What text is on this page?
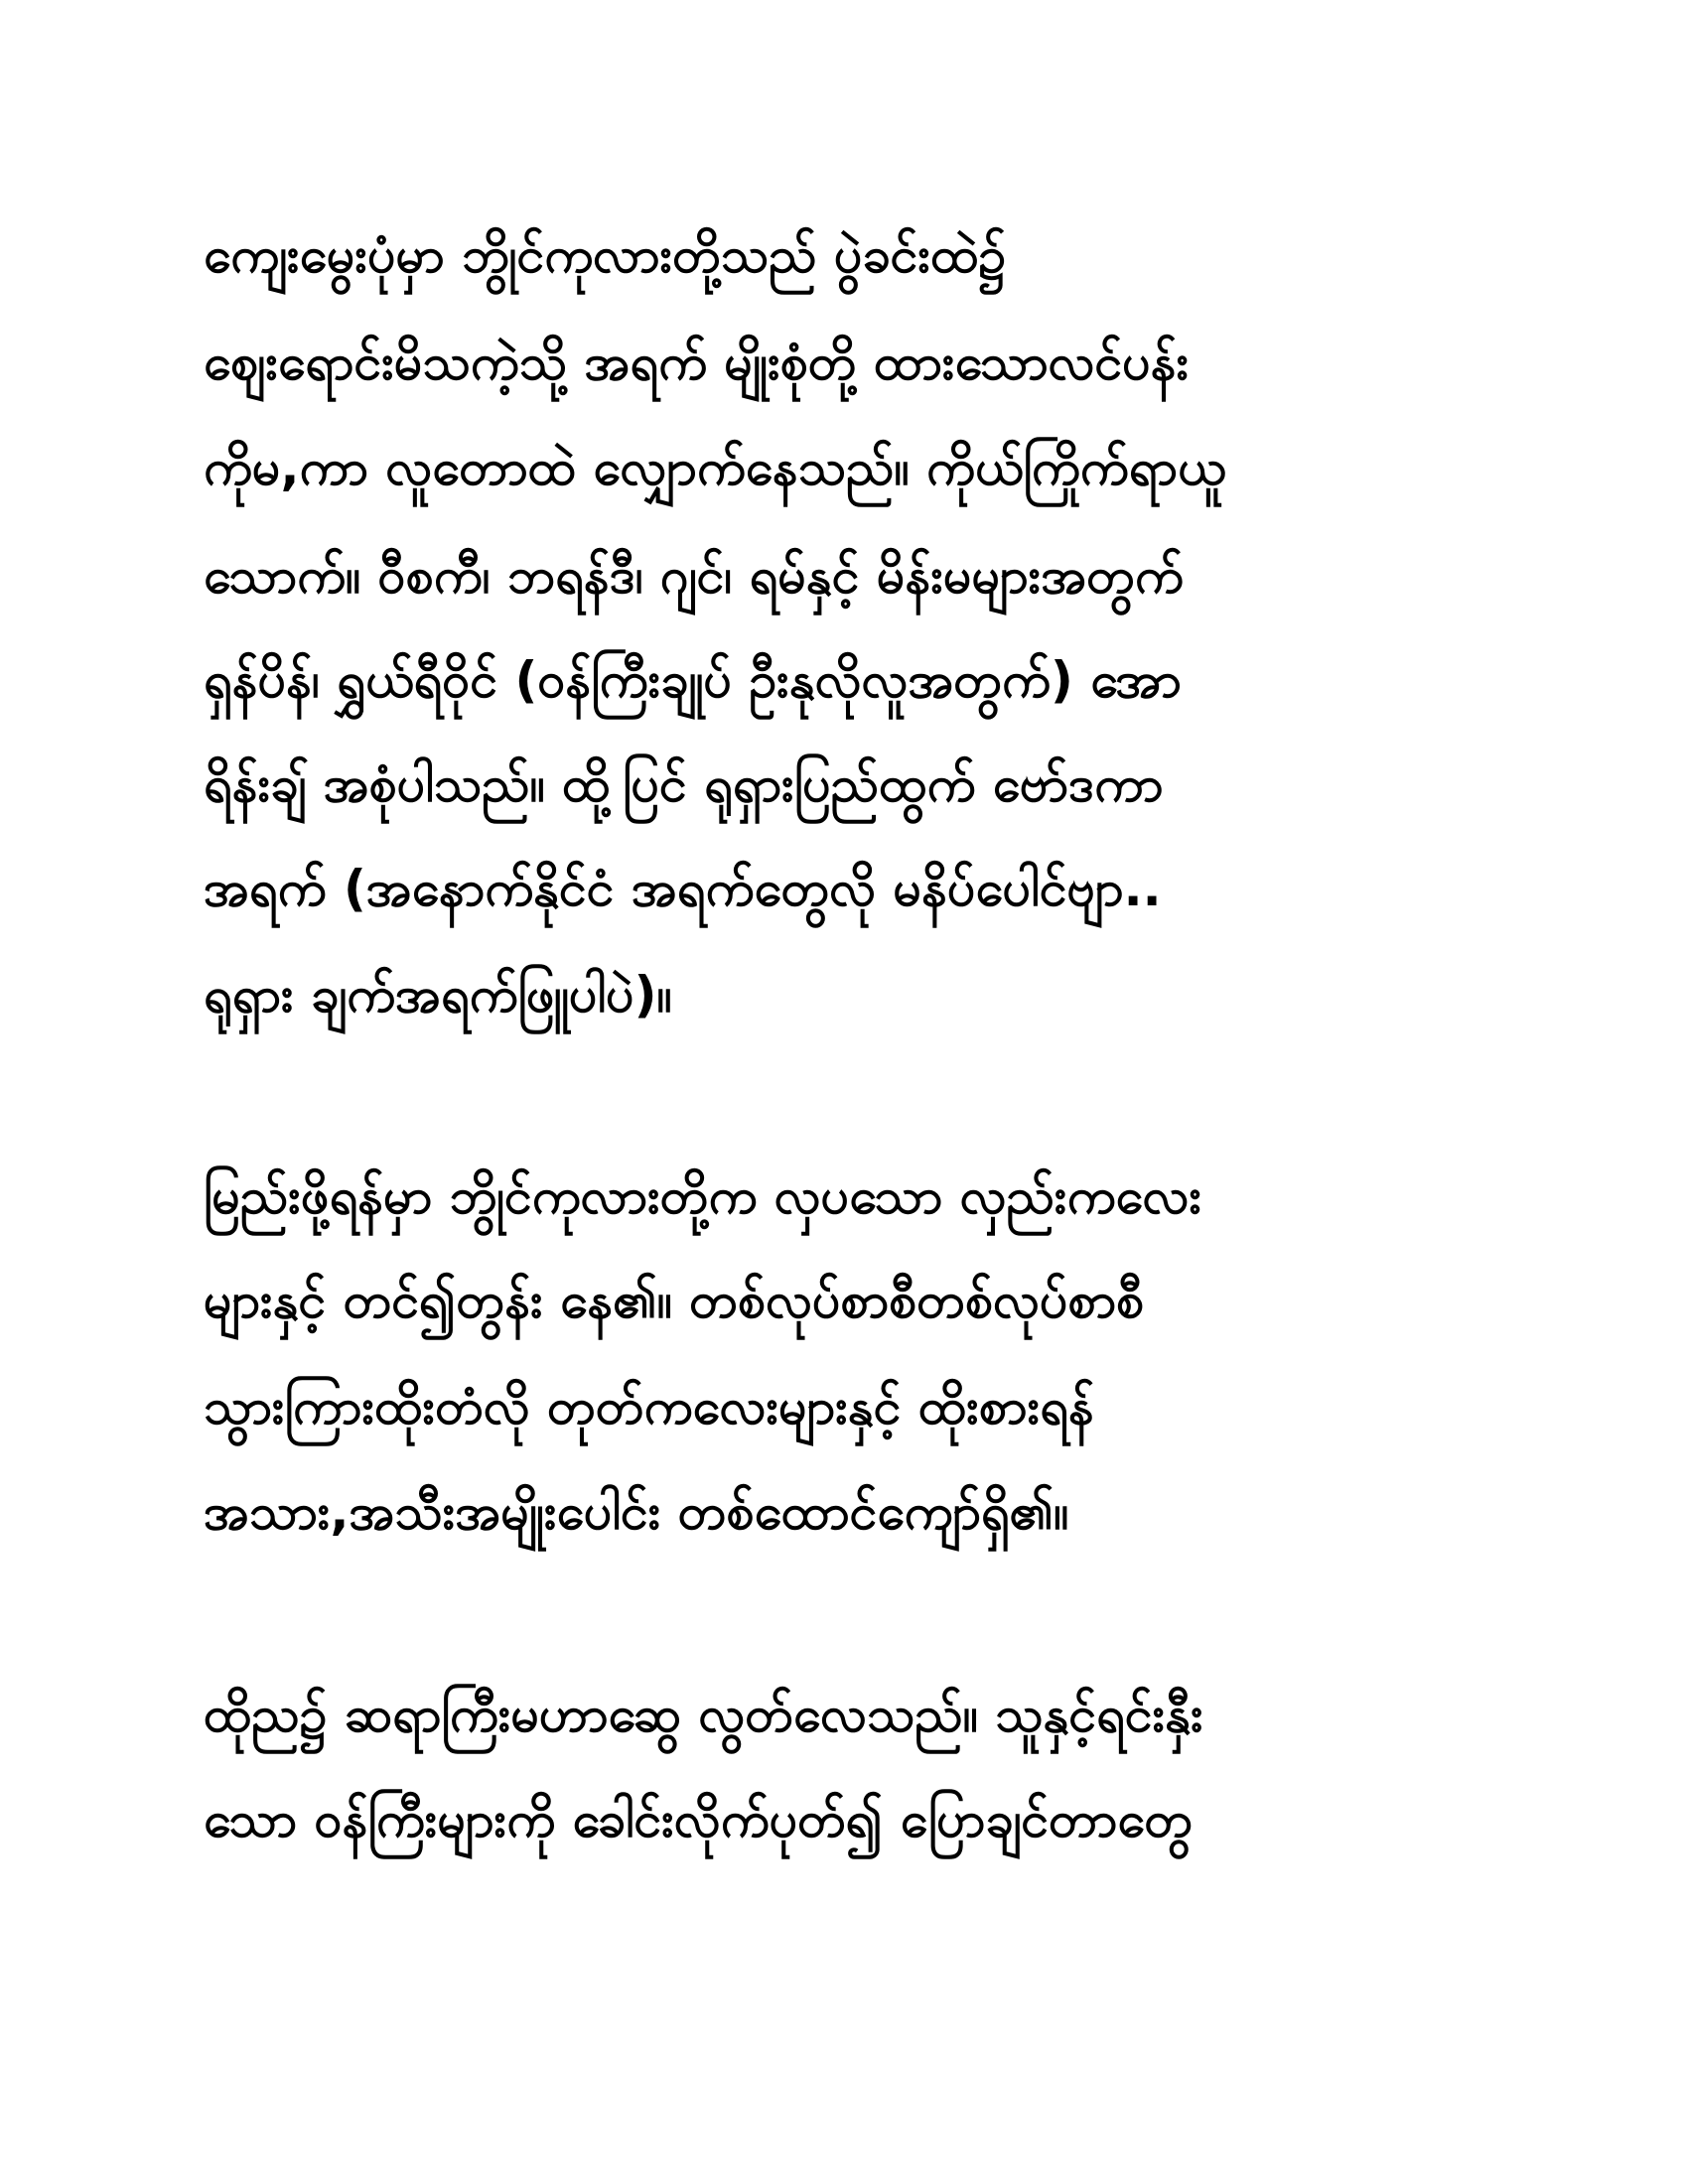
ကျေးမွေးပုံမှာ ဘွိုင်ကုလားတို့သည် ပွဲခင်းထဲ၌
ဈေးရောင်းမိသကဲ့သို့ အရက် မျိုးစုံတို့ ထားသောလင်ပန်း
ကိုမ,ကာ လူတောထဲ လျှောက်နေသည်။ ကိုယ်ကြိုက်ရာယူ
သောက်။ ဝီစကီ၊ ဘရန်ဒီ၊ ဂျင်၊ ရမ်နှင့် မိန်းမများအတွက်
ရှန်ပိန်၊ ရွှယ်ရီဝိုင် (ဝန်ကြီးချုပ် ဦးနုလိုလူအတွက်) အော
ရိန်းချ် အစုံပါသည်။ ထို့ပြင် ရုရှားပြည်ထွက် ဗော်ဒကာ
အရက် (အနောက်နိုင်ငံ အရက်တွေလို မနိပ်ပေါင်ဗျာ..
ရုရှား ချက်အရက်ဖြူပါပဲ)။
မြည်းဖို့ရန်မှာ ဘွိုင်ကုလားတို့က လှပသော လှည်းကလေး
များနှင့် တင်၍တွန်း နေ၏။ တစ်လုပ်စာစီတစ်လုပ်စာစီ
သွားကြားထိုးတံလို တုတ်ကလေးများနှင့် ထိုးစားရန်
အသား,အသီးအမျိုးပေါင်း တစ်ထောင်ကျော်ရှိ၏။
ထိုည၌ ဆရာကြီးမဟာဆွေ လွတ်လေသည်။ သူနှင့်ရင်းနှီး
သော ဝန်ကြီးများကို ခေါင်းလိုက်ပုတ်၍ ပြောချင်တာတွေ
